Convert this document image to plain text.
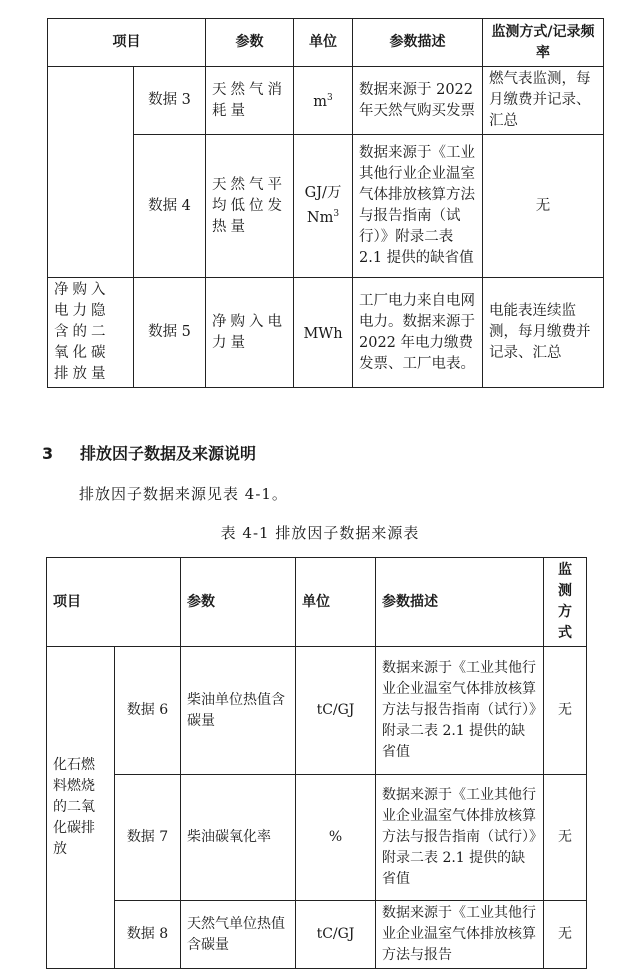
项目		参数	单位	参数描述	监测方式/记录频率
	数据 3	天然气消耗量	$m^3$	数据来源于 2022 年天然气购买发票	燃气表监测，每月缴费并记录、汇总
	数据 4	天然气平均低位发热量	GJ/万Nm$^3$	数据来源于《工业其他行业企业温室气体排放核算方法与报告指南（试行）》附录二表 2.1 提供的缺省值	无
净购入电力隐含的二氧化碳排放量	数据 5	净购入电力量	MWh	工厂电力来自电网电力。数据来源于 2022 年电力缴费发票、工厂电表。	电能表连续监测，每月缴费并记录、汇总
3 排放因子数据及来源说明
排放因子数据来源见表 4-1。
表 4-1 排放因子数据来源表
项目		参数	单位	参数描述	监测方式
化石燃料燃烧的二氧化碳排放	数据 6	柴油单位热值含碳量	tC/GJ	数据来源于《工业其他行业企业温室气体排放核算方法与报告指南（试行）》附录二表 2.1 提供的缺省值	无
	数据 7	柴油碳氧化率	%	数据来源于《工业其他行业企业温室气体排放核算方法与报告指南（试行）》附录二表 2.1 提供的缺省值	无
	数据 8	天然气单位热值含碳量	tC/GJ	数据来源于《工业其他行业企业温室气体排放核算方法与报告	无
